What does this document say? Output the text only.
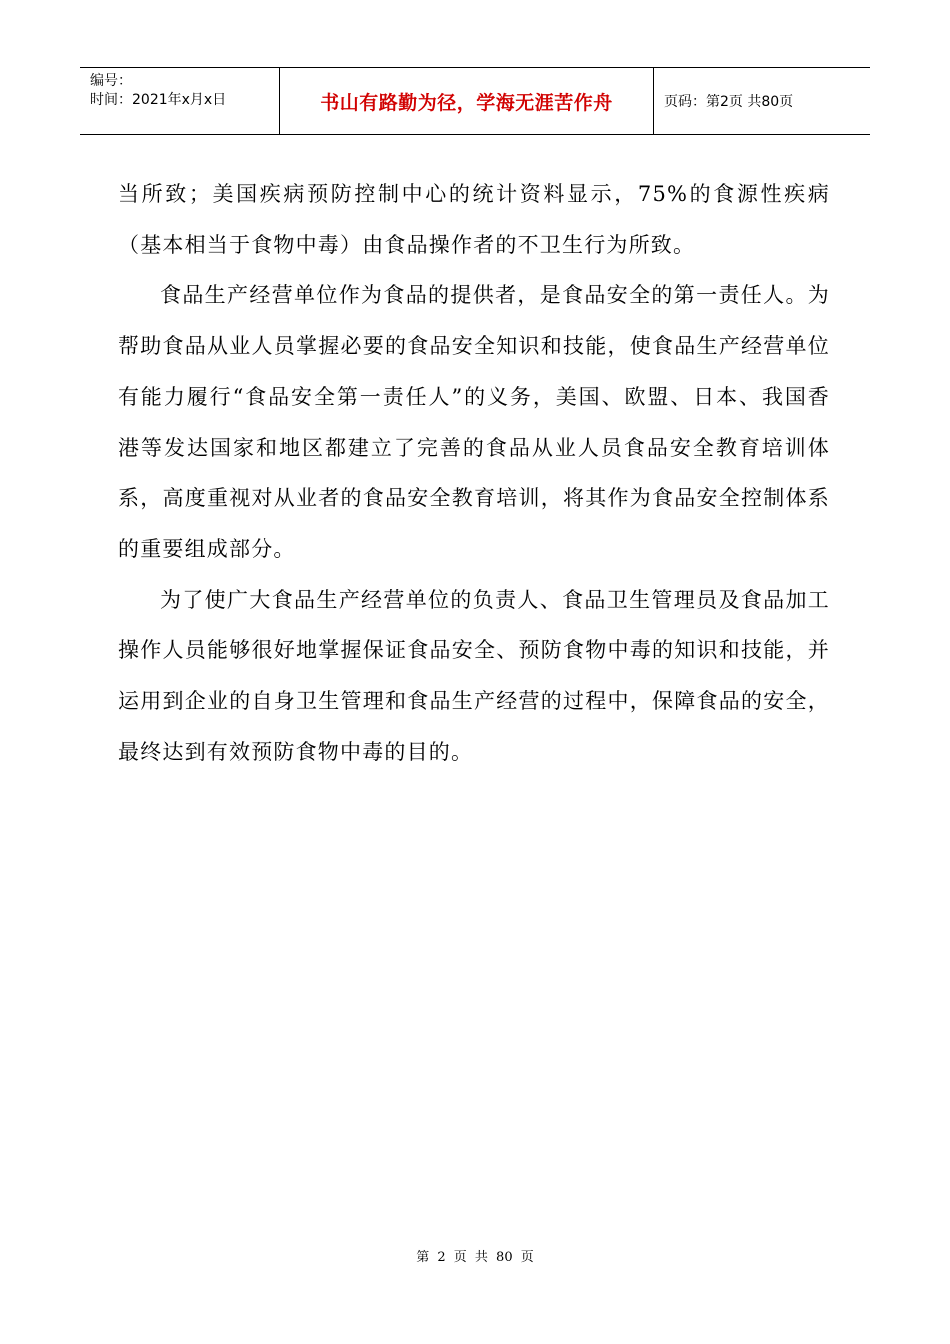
编号：
时间：2021年x月x日	书山有路勤为径，学海无涯苦作舟	页码：第2页 共80页

当所致；美国疾病预防控制中心的统计资料显示，75%的食源性疾病（基本相当于食物中毒）由食品操作者的不卫生行为所致。

食品生产经营单位作为食品的提供者，是食品安全的第一责任人。为帮助食品从业人员掌握必要的食品安全知识和技能，使食品生产经营单位有能力履行“食品安全第一责任人”的义务，美国、欧盟、日本、我国香港等发达国家和地区都建立了完善的食品从业人员食品安全教育培训体系，高度重视对从业者的食品安全教育培训，将其作为食品安全控制体系的重要组成部分。

为了使广大食品生产经营单位的负责人、食品卫生管理员及食品加工操作人员能够很好地掌握保证食品安全、预防食物中毒的知识和技能，并运用到企业的自身卫生管理和食品生产经营的过程中，保障食品的安全，最终达到有效预防食物中毒的目的。

第 2 页 共 80 页
